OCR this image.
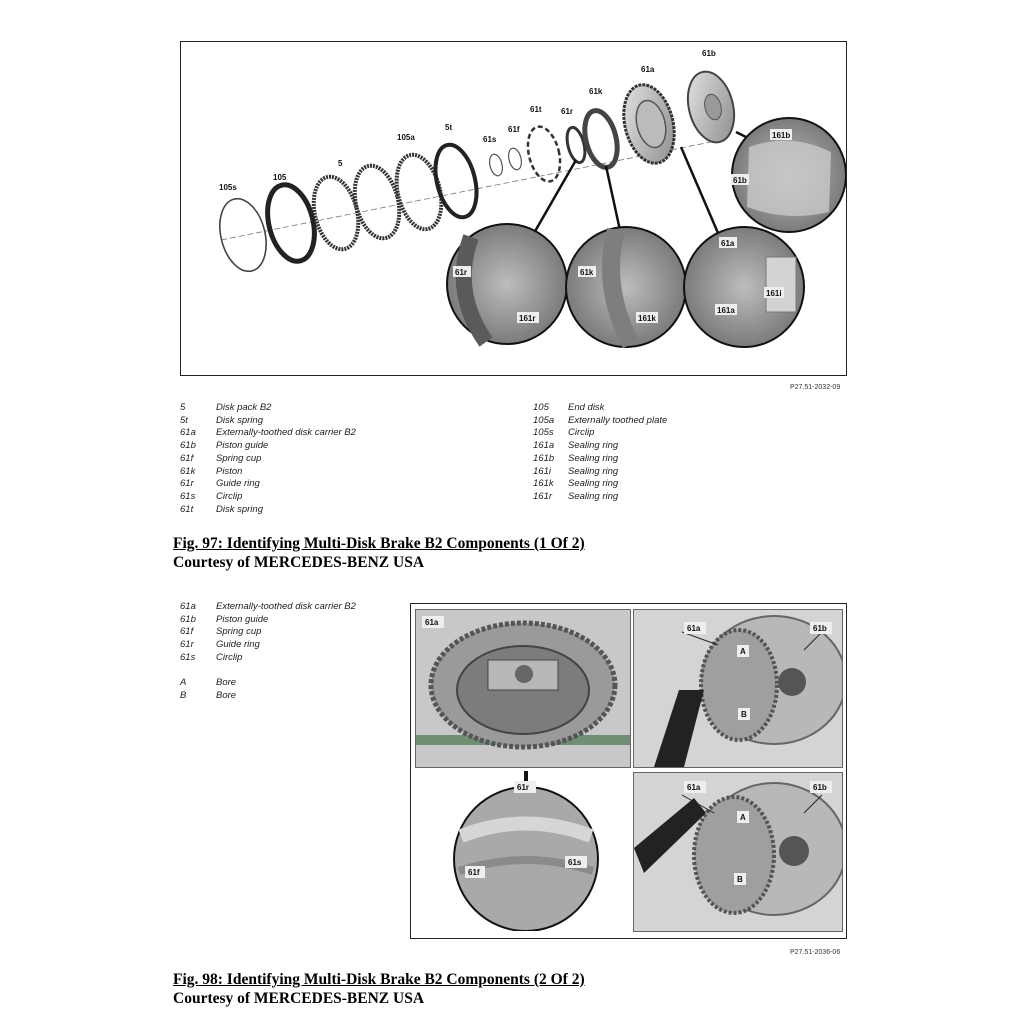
105s
105
5
105a
5t
61s
61f
61t 61r
61k
61a
61b
161b
61b
61r
161r
61k
161k
61a
161i
161a
P27.51-2032-09
5	Disk pack B2
5t	Disk spring
61a	Externally-toothed disk carrier B2
61b	Piston guide
61f	Spring cup
61k	Piston
61r	Guide ring
61s	Circlip
61t	Disk spring
105	End disk
105a	Externally toothed plate
105s	Circlip
161a	Sealing ring
161b	Sealing ring
161i	Sealing ring
161k	Sealing ring
161r	Sealing ring
Fig. 97: Identifying Multi-Disk Brake B2 Components (1 Of 2)
Courtesy of MERCEDES-BENZ USA
61a	Externally-toothed disk carrier B2
61b	Piston guide
61f	Spring cup
61r	Guide ring
61s	Circlip
A	Bore
B	Bore
61a
61a	61b
A
B
61r
61f
61s
61a	61b
A
B
P27.51-2036-06
Fig. 98: Identifying Multi-Disk Brake B2 Components (2 Of 2)
Courtesy of MERCEDES-BENZ USA
